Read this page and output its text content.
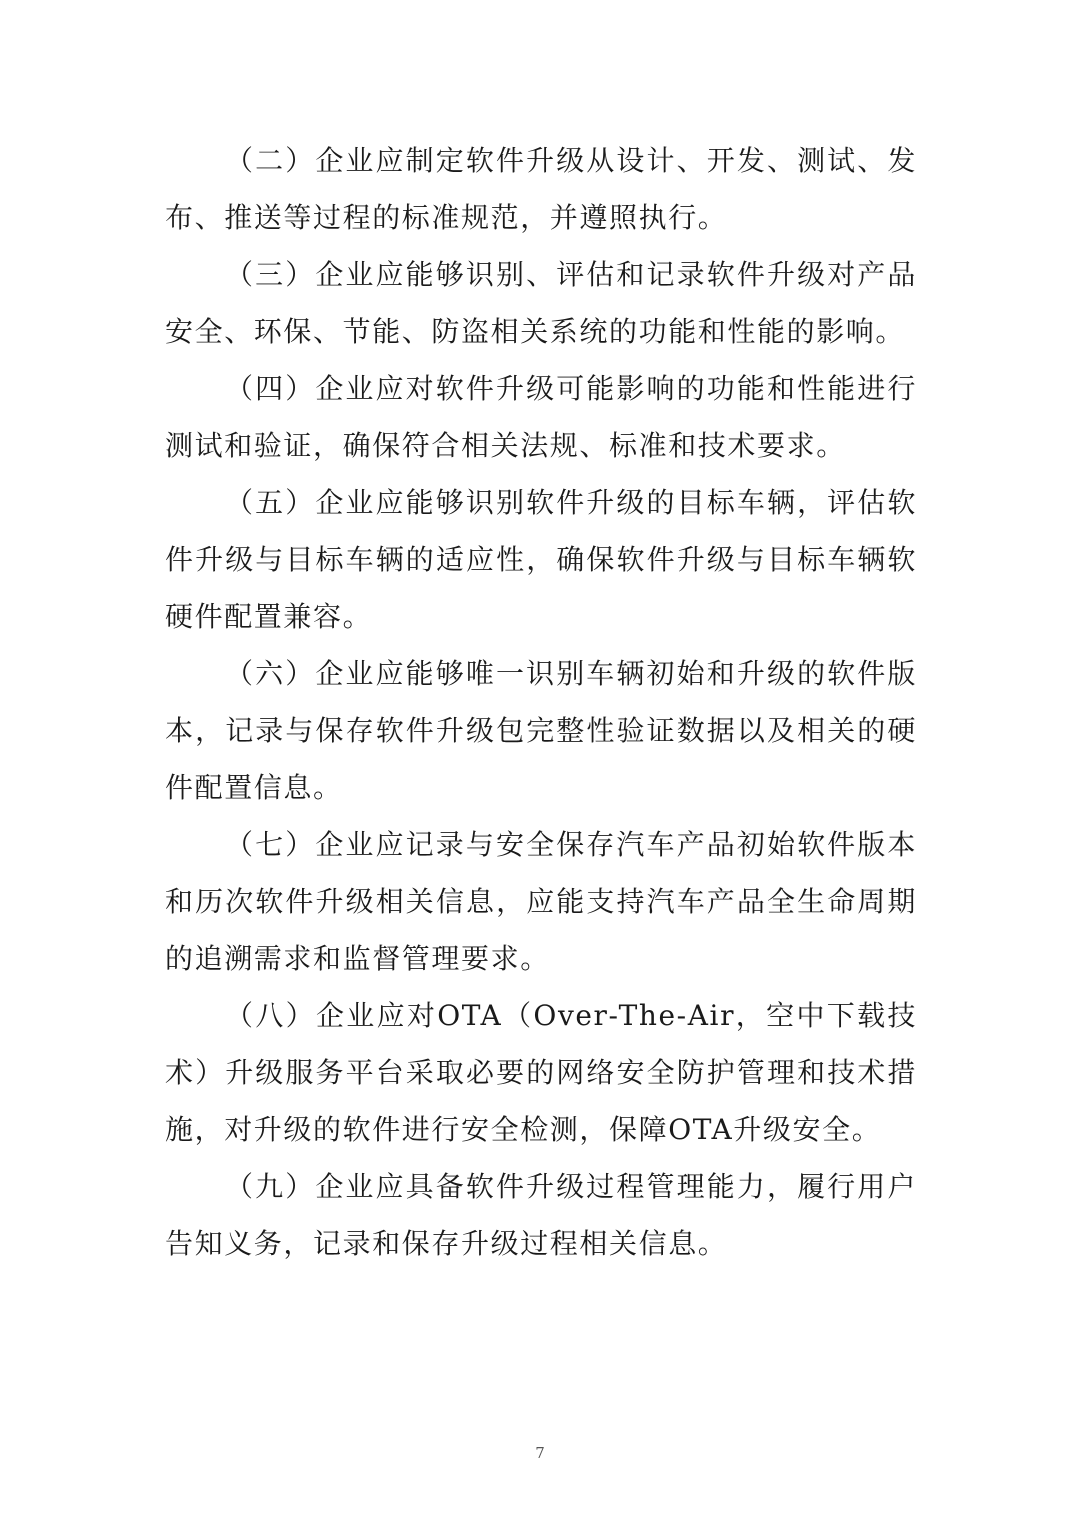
（二）企业应制定软件升级从设计、开发、测试、发布、推送等过程的标准规范，并遵照执行。

（三）企业应能够识别、评估和记录软件升级对产品安全、环保、节能、防盗相关系统的功能和性能的影响。

（四）企业应对软件升级可能影响的功能和性能进行测试和验证，确保符合相关法规、标准和技术要求。

（五）企业应能够识别软件升级的目标车辆，评估软件升级与目标车辆的适应性，确保软件升级与目标车辆软硬件配置兼容。

（六）企业应能够唯一识别车辆初始和升级的软件版本，记录与保存软件升级包完整性验证数据以及相关的硬件配置信息。

（七）企业应记录与安全保存汽车产品初始软件版本和历次软件升级相关信息，应能支持汽车产品全生命周期的追溯需求和监督管理要求。

（八）企业应对OTA（Over-The-Air，空中下载技术）升级服务平台采取必要的网络安全防护管理和技术措施，对升级的软件进行安全检测，保障OTA升级安全。

（九）企业应具备软件升级过程管理能力，履行用户告知义务，记录和保存升级过程相关信息。

7
